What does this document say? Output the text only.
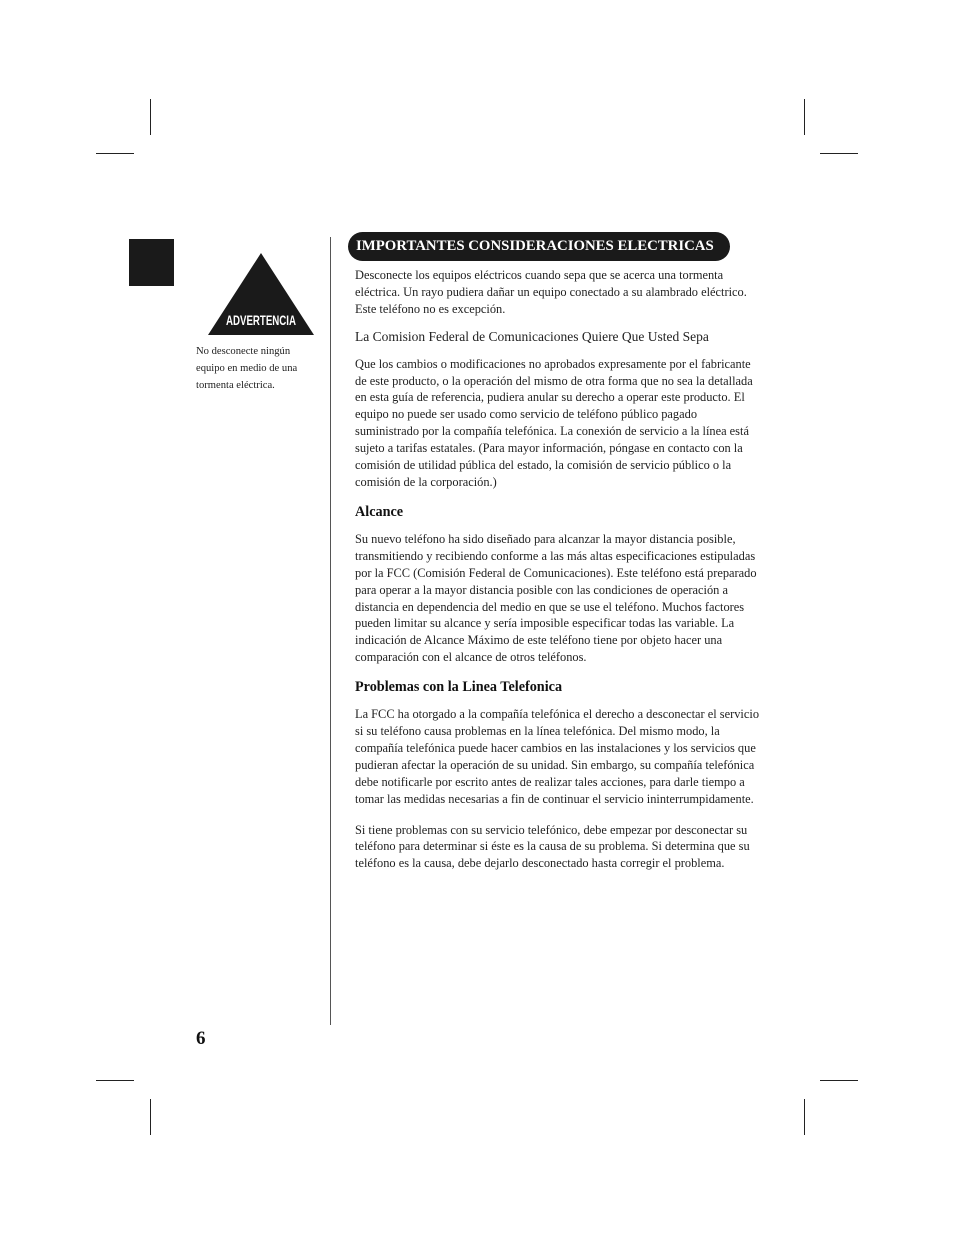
ADVERTENCIA
No desconecte ningún equipo en medio de una tormenta eléctrica.
IMPORTANTES CONSIDERACIONES ELECTRICAS

Desconecte los equipos eléctricos cuando sepa que se acerca una tormenta eléctrica. Un rayo pudiera dañar un equipo conectado a su alambrado eléctrico. Este teléfono no es excepción.

La Comision Federal de Comunicaciones Quiere Que Usted Sepa

Que los cambios o modificaciones no aprobados expresamente por el fabricante de este producto, o la operación del mismo de otra forma que no sea la detallada en esta guía de referencia, pudiera anular su derecho a operar este producto. El equipo no puede ser usado como servicio de teléfono público pagado suministrado por la compañía telefónica. La conexión de servicio a la línea está sujeto a tarifas estatales. (Para mayor información, póngase en contacto con la comisión de utilidad pública del estado, la comisión de servicio público o la comisión de la corporación.)

Alcance

Su nuevo teléfono ha sido diseñado para alcanzar la mayor distancia posible, transmitiendo y recibiendo conforme a las más altas especificaciones estipuladas por la FCC (Comisión Federal de Comunicaciones). Este teléfono está preparado para operar a la mayor distancia posible con las condiciones de operación a distancia en dependencia del medio en que se use el teléfono. Muchos factores pueden limitar su alcance y sería imposible especificar todas las variable. La indicación de Alcance Máximo de este teléfono tiene por objeto hacer una comparación con el alcance de otros teléfonos.

Problemas con la Linea Telefonica

La FCC ha otorgado a la compañía telefónica el derecho a desconectar el servicio si su teléfono causa problemas en la línea telefónica. Del mismo modo, la compañía telefónica puede hacer cambios en las instalaciones y los servicios que pudieran afectar la operación de su unidad. Sin embargo, su compañía telefónica debe notificarle por escrito antes de realizar tales acciones, para darle tiempo a tomar las medidas necesarias a fin de continuar el servicio ininterrumpidamente.

Si tiene problemas con su servicio telefónico, debe empezar por desconectar su teléfono para determinar si éste es la causa de su problema. Si determina que su teléfono es la causa, debe dejarlo desconectado hasta corregir el problema.

6
